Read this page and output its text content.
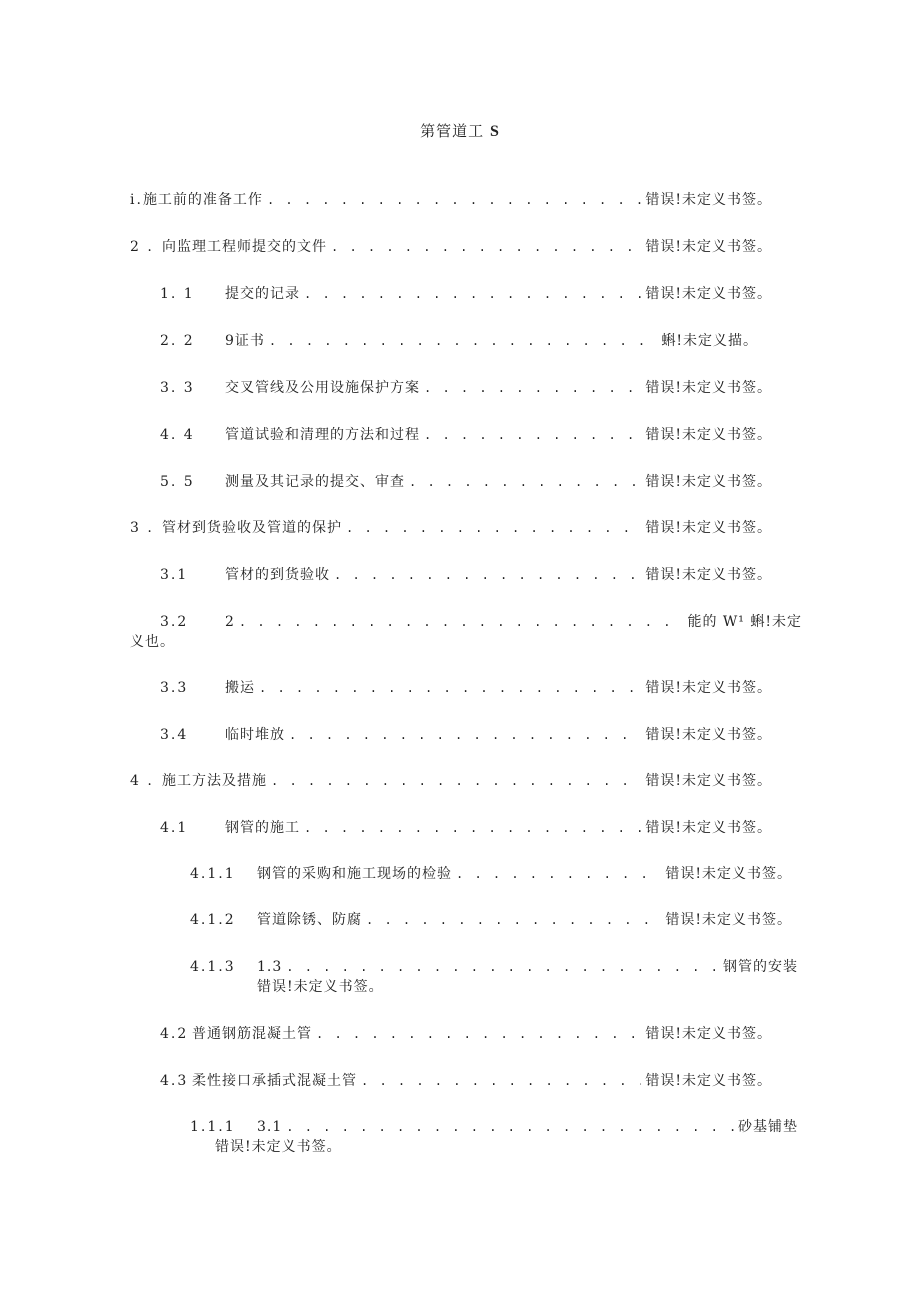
第管道工 S
i. 施工前的准备工作 . . .	错误!未定义书签。
2 . 向监理工程师提交的文件 . . .	错误!未定义书签。
1. 1	提交的记录 . . .	错误!未定义书签。
2. 2	9证书 . . .	蝌!未定义描。
3. 3	交叉管线及公用设施保护方案 . . .	错误!未定义书签。
4. 4	管道试验和清理的方法和过程 . . .	错误!未定义书签。
5. 5	测量及其记录的提交、审查 . . .	错误!未定义书签。
3 . 管材到货验收及管道的保护 . . .	错误!未定义书签。
3.1	管材的到货验收 . . .	错误!未定义书签。
3.2	2 . . .	能的 W¹ 蝌!未定
义也。
3.3	搬运 . . .	错误!未定义书签。
3.4	临时堆放 . . .	错误!未定义书签。
4 . 施工方法及措施 . . .	错误!未定义书签。
4.1	钢管的施工 . . .	错误!未定义书签。
4.1.1	钢管的采购和施工现场的检验 . . .	错误!未定义书签。
4.1.2	管道除锈、防腐 . . .	错误!未定义书签。
4.1.3	1.3 . . .	钢管的安装
错误!未定义书签。
4.2 普通钢筋混凝土管 . . .	错误!未定义书签。
4.3 柔性接口承插式混凝土管 . . .	错误!未定义书签。
1.1.1	3.1 . . .	砂基铺垫
错误!未定义书签。
